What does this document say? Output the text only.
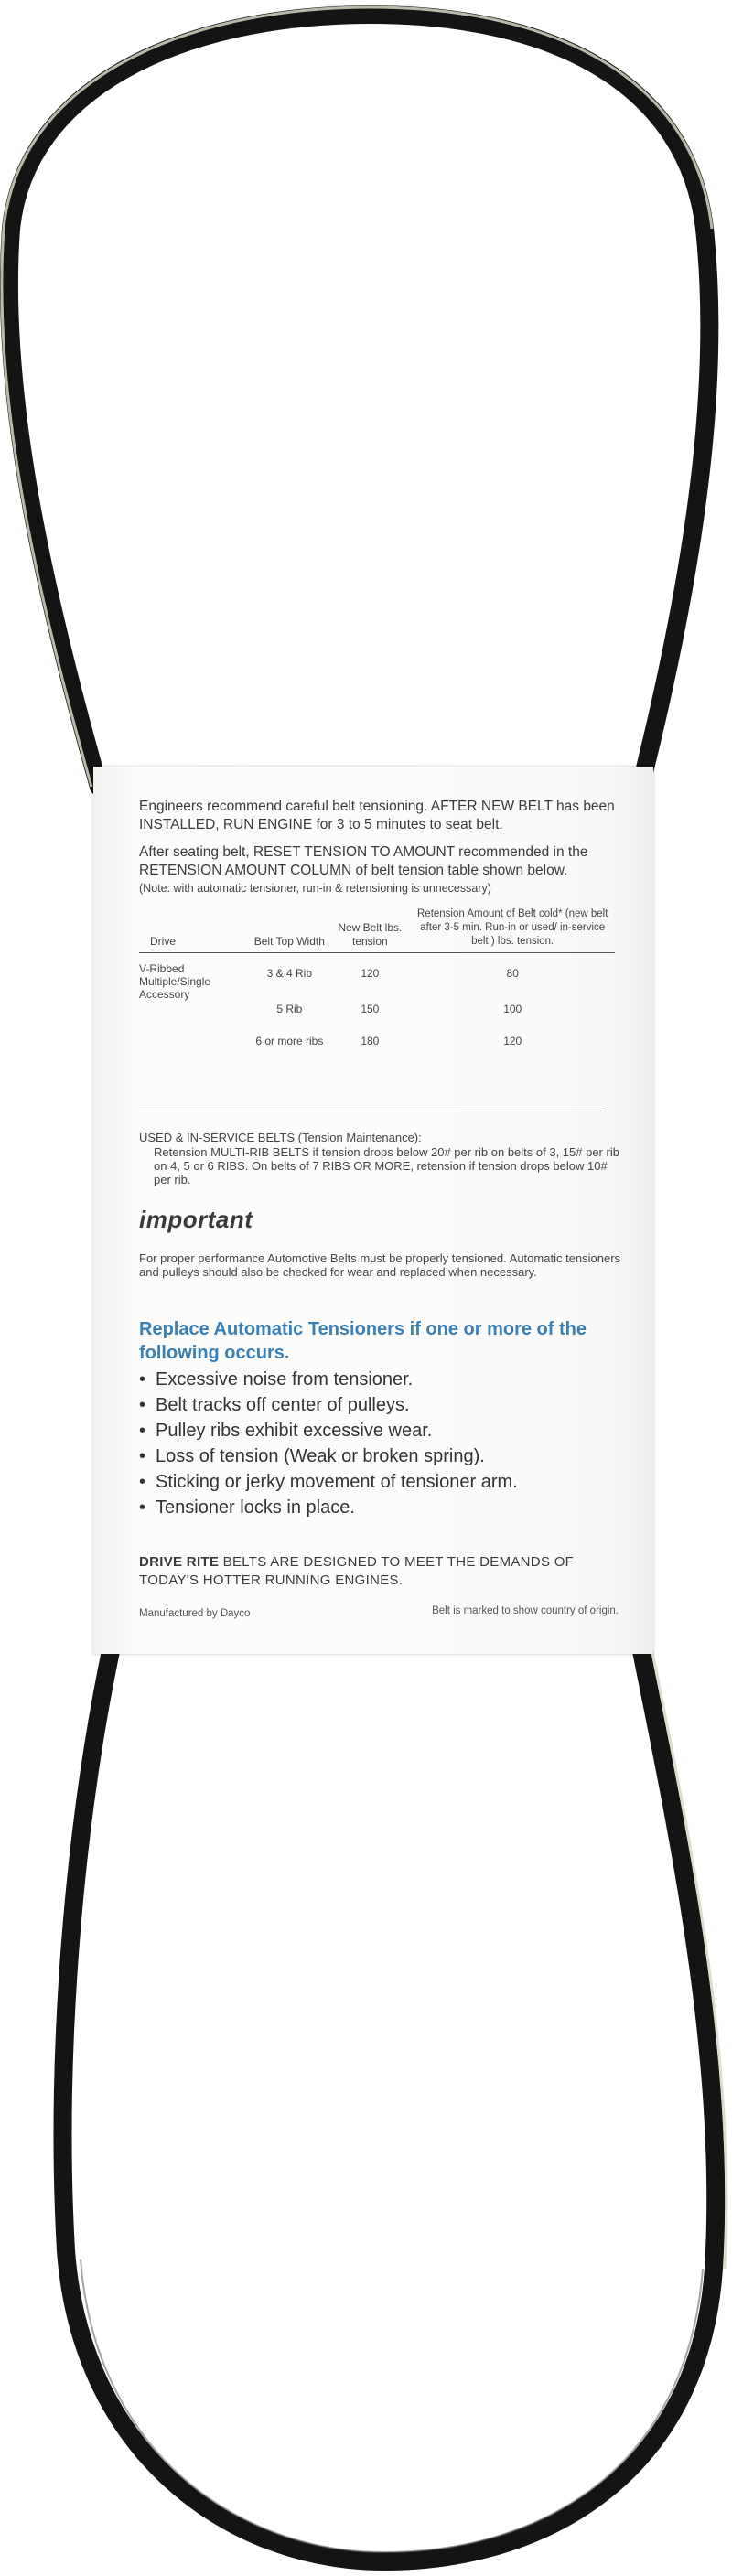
Engineers recommend careful belt tensioning. AFTER NEW BELT has been INSTALLED, RUN ENGINE for 3 to 5 minutes to seat belt.

After seating belt, RESET TENSION TO AMOUNT recommended in the RETENSION AMOUNT COLUMN of belt tension table shown below.

(Note: with automatic tensioner, run-in & retensioning is unnecessary)

Drive	Belt Top Width	New Belt lbs. tension	Retension Amount of Belt cold* (new belt after 3-5 min. Run-in or used/ in-service belt ) lbs. tension.
V-Ribbed Multiple/Single Accessory	3 & 4 Rib	120	80
	5 Rib	150	100
	6 or more ribs	180	120

USED & IN-SERVICE BELTS (Tension Maintenance):

Retension MULTI-RIB BELTS if tension drops below 20# per rib on belts of 3, 15# per rib on 4, 5 or 6 RIBS. On belts of 7 RIBS OR MORE, retension if tension drops below 10# per rib.

important

For proper performance Automotive Belts must be properly tensioned. Automatic tensioners and pulleys should also be checked for wear and replaced when necessary.

Replace Automatic Tensioners if one or more of the following occurs.
• Excessive noise from tensioner.
• Belt tracks off center of pulleys.
• Pulley ribs exhibit excessive wear.
• Loss of tension (Weak or broken spring).
• Sticking or jerky movement of tensioner arm.
• Tensioner locks in place.
DRIVE RITE BELTS ARE DESIGNED TO MEET THE DEMANDS OF TODAY'S HOTTER RUNNING ENGINES.
Manufactured by Dayco	Belt is marked to show country of origin.
